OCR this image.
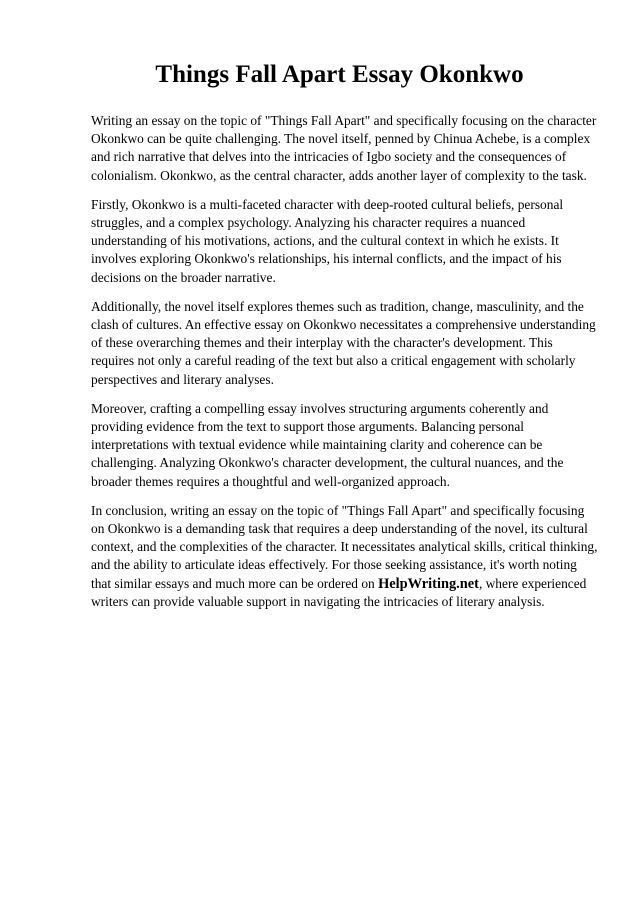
Things Fall Apart Essay Okonkwo

Writing an essay on the topic of "Things Fall Apart" and specifically focusing on the character Okonkwo can be quite challenging. The novel itself, penned by Chinua Achebe, is a complex and rich narrative that delves into the intricacies of Igbo society and the consequences of colonialism. Okonkwo, as the central character, adds another layer of complexity to the task.

Firstly, Okonkwo is a multi-faceted character with deep-rooted cultural beliefs, personal struggles, and a complex psychology. Analyzing his character requires a nuanced understanding of his motivations, actions, and the cultural context in which he exists. It involves exploring Okonkwo's relationships, his internal conflicts, and the impact of his decisions on the broader narrative.

Additionally, the novel itself explores themes such as tradition, change, masculinity, and the clash of cultures. An effective essay on Okonkwo necessitates a comprehensive understanding of these overarching themes and their interplay with the character's development. This requires not only a careful reading of the text but also a critical engagement with scholarly perspectives and literary analyses.

Moreover, crafting a compelling essay involves structuring arguments coherently and providing evidence from the text to support those arguments. Balancing personal interpretations with textual evidence while maintaining clarity and coherence can be challenging. Analyzing Okonkwo's character development, the cultural nuances, and the broader themes requires a thoughtful and well-organized approach.

In conclusion, writing an essay on the topic of "Things Fall Apart" and specifically focusing on Okonkwo is a demanding task that requires a deep understanding of the novel, its cultural context, and the complexities of the character. It necessitates analytical skills, critical thinking, and the ability to articulate ideas effectively. For those seeking assistance, it's worth noting that similar essays and much more can be ordered on HelpWriting.net, where experienced writers can provide valuable support in navigating the intricacies of literary analysis.
